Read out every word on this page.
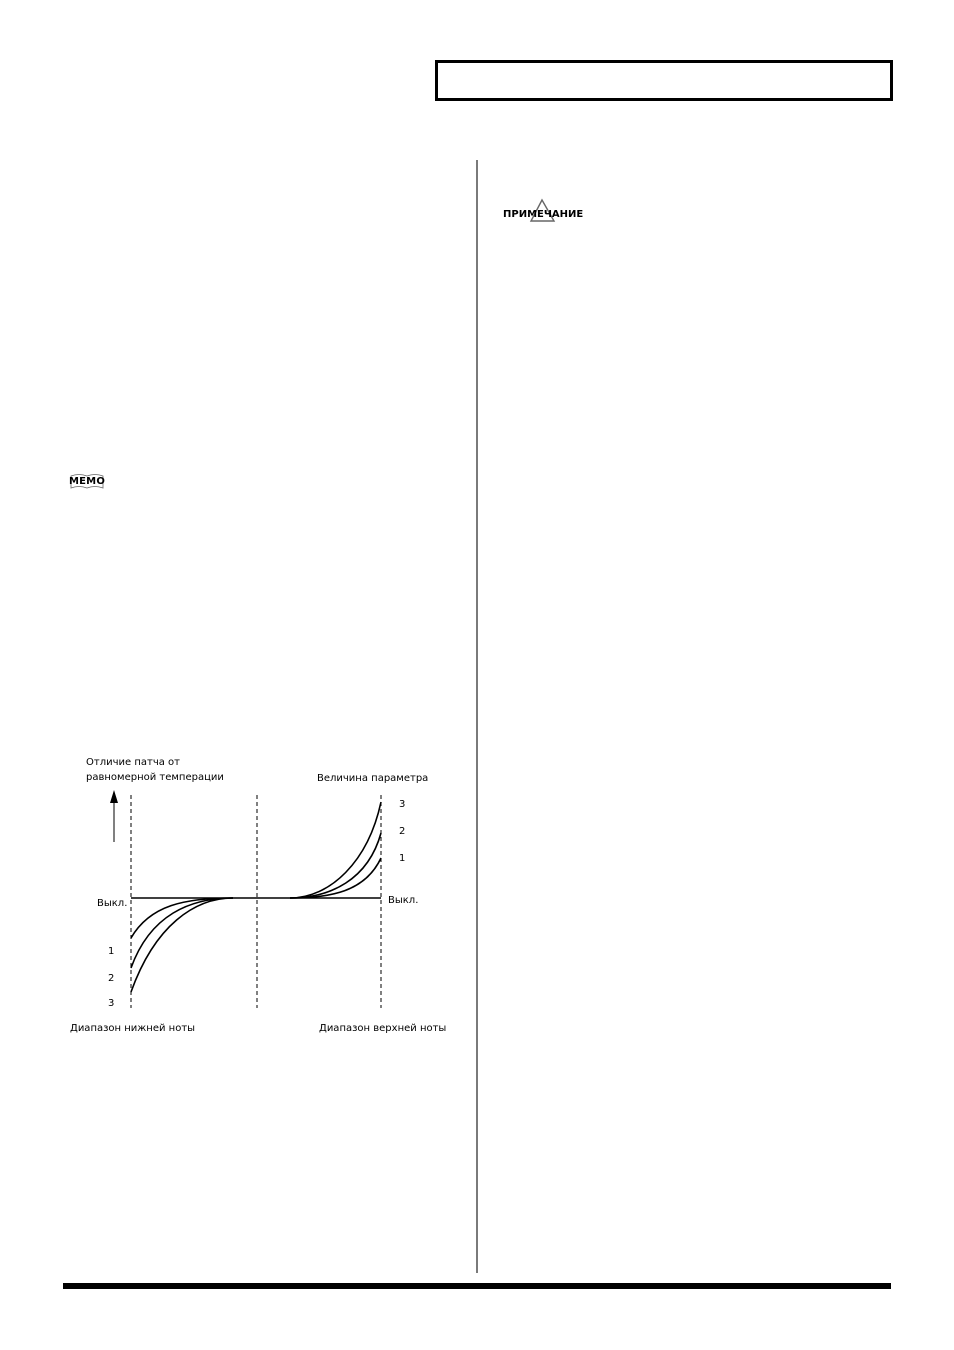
ПРИМЕЧАНИЕ
MEMO
Отличие патча от
равномерной темперации	Величина параметра
3
2
1
Выкл.	Выкл.
1
2
3
Диапазон нижней ноты	Диапазон верхней ноты
